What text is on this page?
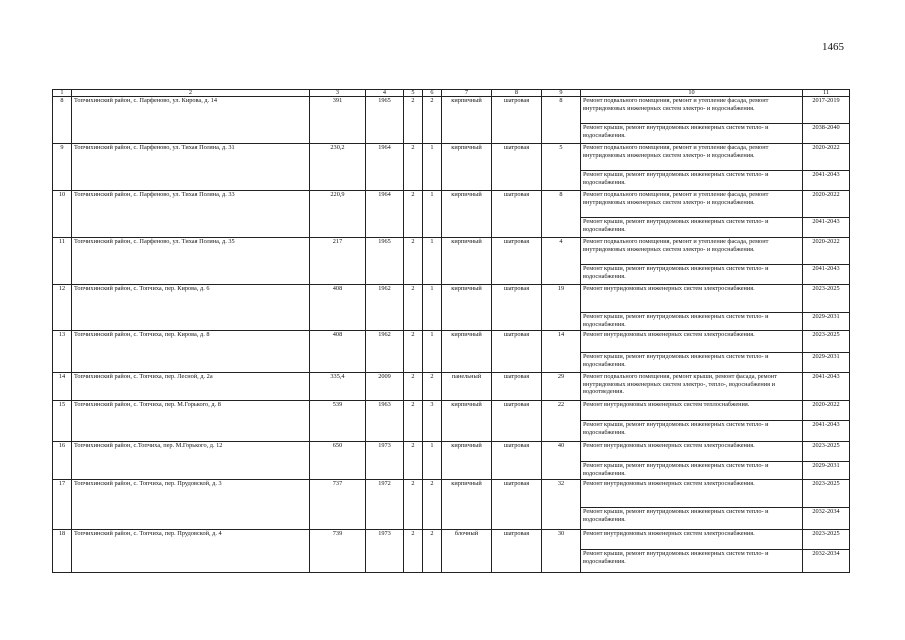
1465
1	2	3	4	5	6	7	8	9	10	11
8	Топчихинский район, с. Парфеново, ул. Кирова, д. 14	391	1965	2	2	кирпичный	шатровая	8	Ремонт подвального помещения, ремонт и утепление фасада, ремонт внутридомовых инженерных систем электро- и водоснабжения.	2017-2019
									Ремонт крыши, ремонт внутридомовых инженерных систем тепло- и водоснабжения.	2038-2040
9	Топчихинский район, с. Парфеново, ул. Тихая Поляна, д. 31	230,2	1964	2	1	кирпичный	шатровая	5	Ремонт подвального помещения, ремонт и утепление фасада, ремонт внутридомовых инженерных систем электро- и водоснабжения.	2020-2022
									Ремонт крыши, ремонт внутридомовых инженерных систем тепло- и водоснабжения.	2041-2043
10	Топчихинский район, с. Парфеново, ул. Тихая Поляна, д. 33	220,9	1964	2	1	кирпичный	шатровая	8	Ремонт подвального помещения, ремонт и утепление фасада, ремонт внутридомовых инженерных систем электро- и водоснабжения.	2020-2022
									Ремонт крыши, ремонт внутридомовых инженерных систем тепло- и водоснабжения.	2041-2043
11	Топчихинский район, с. Парфеново, ул. Тихая Поляна, д. 35	217	1965	2	1	кирпичный	шатровая	4	Ремонт подвального помещения, ремонт и утепление фасада, ремонт внутридомовых инженерных систем электро- и водоснабжения.	2020-2022
									Ремонт крыши, ремонт внутридомовых инженерных систем тепло- и водоснабжения.	2041-2043
12	Топчихинский район, с. Топчиха, пер. Кирова, д. 6	408	1962	2	1	кирпичный	шатровая	19	Ремонт внутридомовых инженерных систем электроснабжения.	2023-2025
									Ремонт крыши, ремонт внутридомовых инженерных систем тепло- и водоснабжения.	2029-2031
13	Топчихинский район, с. Топчиха, пер. Кирова, д. 8	408	1962	2	1	кирпичный	шатровая	14	Ремонт внутридомовых инженерных систем электроснабжения.	2023-2025
									Ремонт крыши, ремонт внутридомовых инженерных систем тепло- и водоснабжения.	2029-2031
14	Топчихинский район, с. Топчиха, пер. Лесной, д. 2а	335,4	2009	2	2	панельный	шатровая	29	Ремонт подвального помещения, ремонт крыши, ремонт фасада, ремонт внутридомовых инженерных систем электро-, тепло-, водоснабжения и водоотведения.	2041-2043
15	Топчихинский район, с. Топчиха, пер. М.Горького, д. 8	539	1963	2	3	кирпичный	шатровая	22	Ремонт внутридомовых инженерных систем теплоснабжения.	2020-2022
									Ремонт крыши, ремонт внутридомовых инженерных систем тепло- и водоснабжения.	2041-2043
16	Топчихинский район, с.Топчиха, пер. М.Горького, д. 12	650	1973	2	1	кирпичный	шатровая	40	Ремонт внутридомовых инженерных систем электроснабжения.	2023-2025
									Ремонт крыши, ремонт внутридомовых инженерных систем тепло- и водоснабжения.	2029-2031
17	Топчихинский район, с. Топчиха, пер. Прудовской, д. 3	737	1972	2	2	кирпичный	шатровая	32	Ремонт внутридомовых инженерных систем электроснабжения.	2023-2025
									Ремонт крыши, ремонт внутридомовых инженерных систем тепло- и водоснабжения.	2032-2034
18	Топчихинский район, с. Топчиха, пер. Прудовской, д. 4	739	1973	2	2	блочный	шатровая	30	Ремонт внутридомовых инженерных систем электроснабжения.	2023-2025
									Ремонт крыши, ремонт внутридомовых инженерных систем тепло- и водоснабжения.	2032-2034
